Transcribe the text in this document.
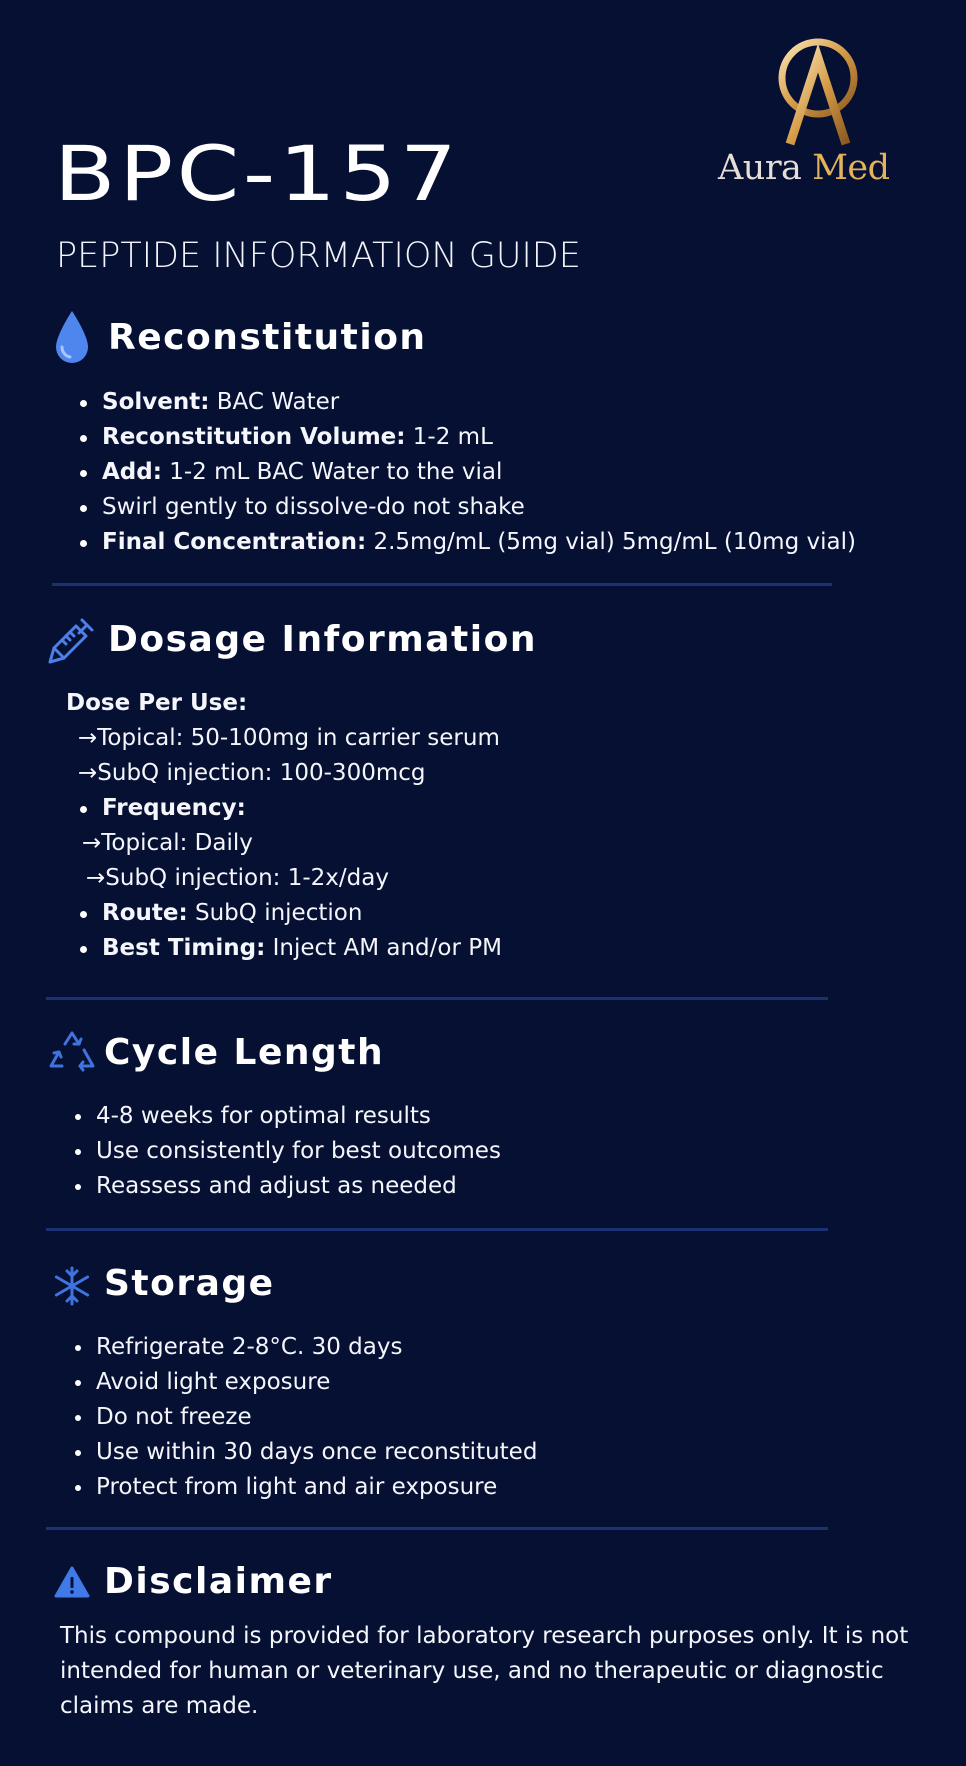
BPC-157
PEPTIDE INFORMATION GUIDE
Aura Med
Reconstitution
Solvent: BAC Water
Reconstitution Volume: 1-2 mL
Add: 1-2 mL BAC Water to the vial
Swirl gently to dissolve-do not shake
Final Concentration: 2.5mg/mL (5mg vial) 5mg/mL (10mg vial)
Dosage Information
Dose Per Use:
→Topical: 50-100mg in carrier serum
→SubQ injection: 100-300mcg
Frequency:
→Topical: Daily
→SubQ injection: 1-2x/day
Route: SubQ injection
Best Timing: Inject AM and/or PM
Cycle Length
4-8 weeks for optimal results
Use consistently for best outcomes
Reassess and adjust as needed
Storage
Refrigerate 2-8°C. 30 days
Avoid light exposure
Do not freeze
Use within 30 days once reconstituted
Protect from light and air exposure
Disclaimer
This compound is provided for laboratory research purposes only. It is not intended for human or veterinary use, and no therapeutic or diagnostic claims are made.
